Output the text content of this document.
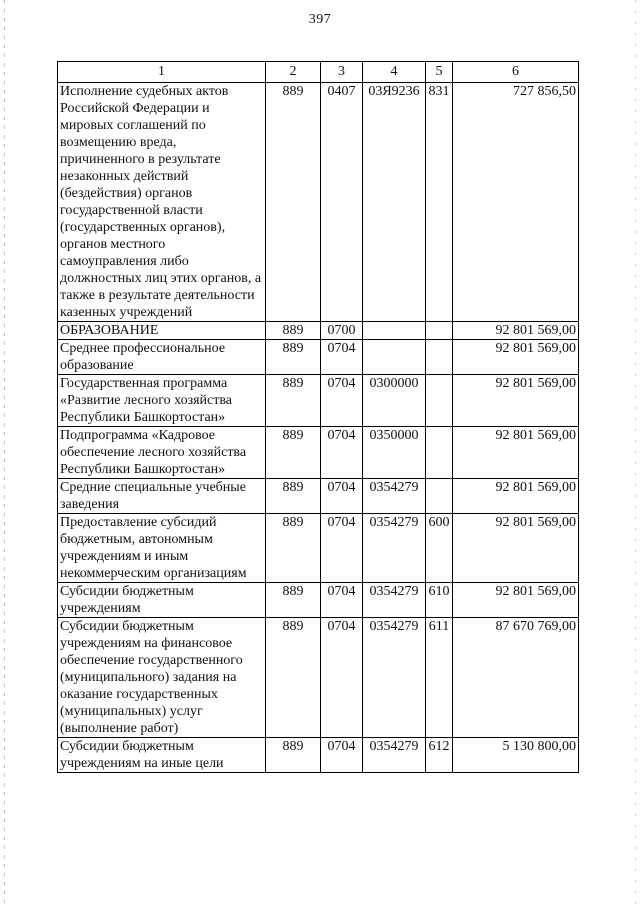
397
1	2	3	4	5	6
Исполнение судебных актов Российской Федерации и мировых соглашений по возмещению вреда, причиненного в результате незаконных действий (бездействия) органов государственной власти (государственных органов), органов местного самоуправления либо должностных лиц этих органов, а также в результате деятельности казенных учреждений	889	0407	03Я9236	831	727 856,50
ОБРАЗОВАНИЕ	889	0700			92 801 569,00
Среднее профессиональное образование	889	0704			92 801 569,00
Государственная программа «Развитие лесного хозяйства Республики Башкортостан»	889	0704	0300000		92 801 569,00
Подпрограмма «Кадровое обеспечение лесного хозяйства Республики Башкортостан»	889	0704	0350000		92 801 569,00
Средние специальные учебные заведения	889	0704	0354279		92 801 569,00
Предоставление субсидий бюджетным, автономным учреждениям и иным некоммерческим организациям	889	0704	0354279	600	92 801 569,00
Субсидии бюджетным учреждениям	889	0704	0354279	610	92 801 569,00
Субсидии бюджетным учреждениям на финансовое обеспечение государственного (муниципального) задания на оказание государственных (муниципальных) услуг (выполнение работ)	889	0704	0354279	611	87 670 769,00
Субсидии бюджетным учреждениям на иные цели	889	0704	0354279	612	5 130 800,00
